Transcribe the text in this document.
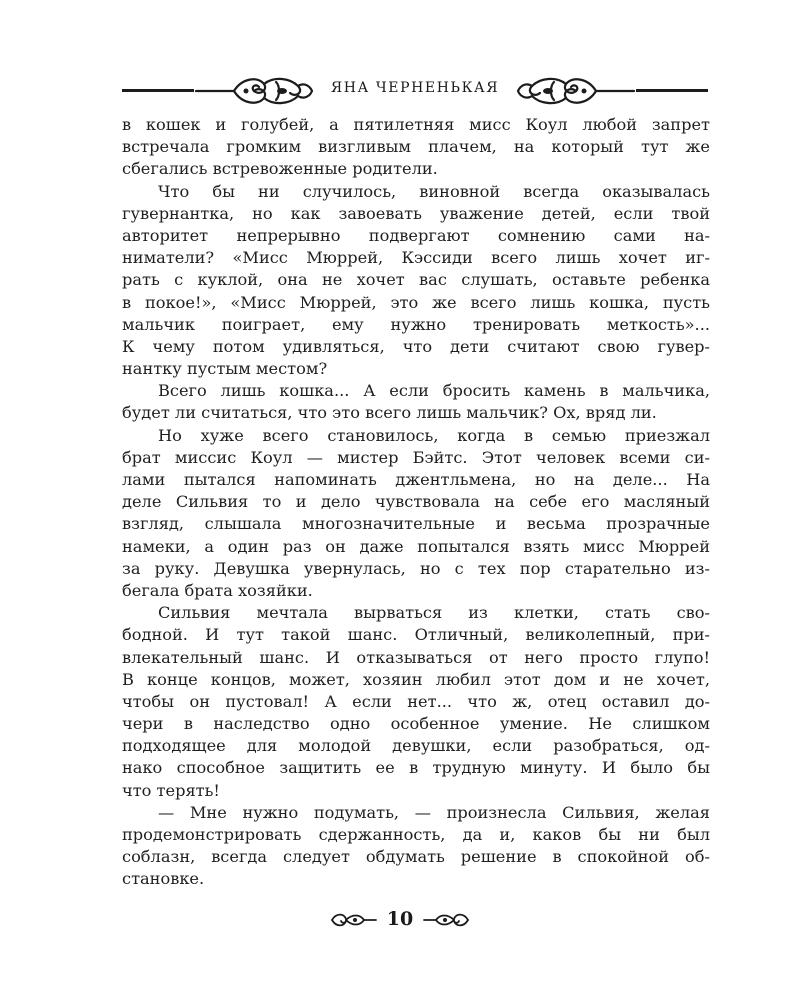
ЯНА ЧЕРНЕНЬКАЯ
в кошек и голубей, а пятилетняя мисс Коул любой запрет
встречала громким визгливым плачем, на который тут же
сбегались встревоженные родители.
Что бы ни случилось, виновной всегда оказывалась
гувернантка, но как завоевать уважение детей, если твой
авторитет непрерывно подвергают сомнению сами на-
ниматели? «Мисс Мюррей, Кэссиди всего лишь хочет иг-
рать с куклой, она не хочет вас слушать, оставьте ребенка
в покое!», «Мисс Мюррей, это же всего лишь кошка, пусть
мальчик поиграет, ему нужно тренировать меткость»...
К чему потом удивляться, что дети считают свою гувер-
нантку пустым местом?
Всего лишь кошка... А если бросить камень в мальчика,
будет ли считаться, что это всего лишь мальчик? Ох, вряд ли.
Но хуже всего становилось, когда в семью приезжал
брат миссис Коул — мистер Бэйтс. Этот человек всеми си-
лами пытался напоминать джентльмена, но на деле... На
деле Сильвия то и дело чувствовала на себе его масляный
взгляд, слышала многозначительные и весьма прозрачные
намеки, а один раз он даже попытался взять мисс Мюррей
за руку. Девушка увернулась, но с тех пор старательно из-
бегала брата хозяйки.
Сильвия мечтала вырваться из клетки, стать сво-
бодной. И тут такой шанс. Отличный, великолепный, при-
влекательный шанс. И отказываться от него просто глупо!
В конце концов, может, хозяин любил этот дом и не хочет,
чтобы он пустовал! А если нет... что ж, отец оставил до-
чери в наследство одно особенное умение. Не слишком
подходящее для молодой девушки, если разобраться, од-
нако способное защитить ее в трудную минуту. И было бы
что терять!
— Мне нужно подумать, — произнесла Сильвия, желая
продемонстрировать сдержанность, да и, каков бы ни был
соблазн, всегда следует обдумать решение в спокойной об-
становке.
10
